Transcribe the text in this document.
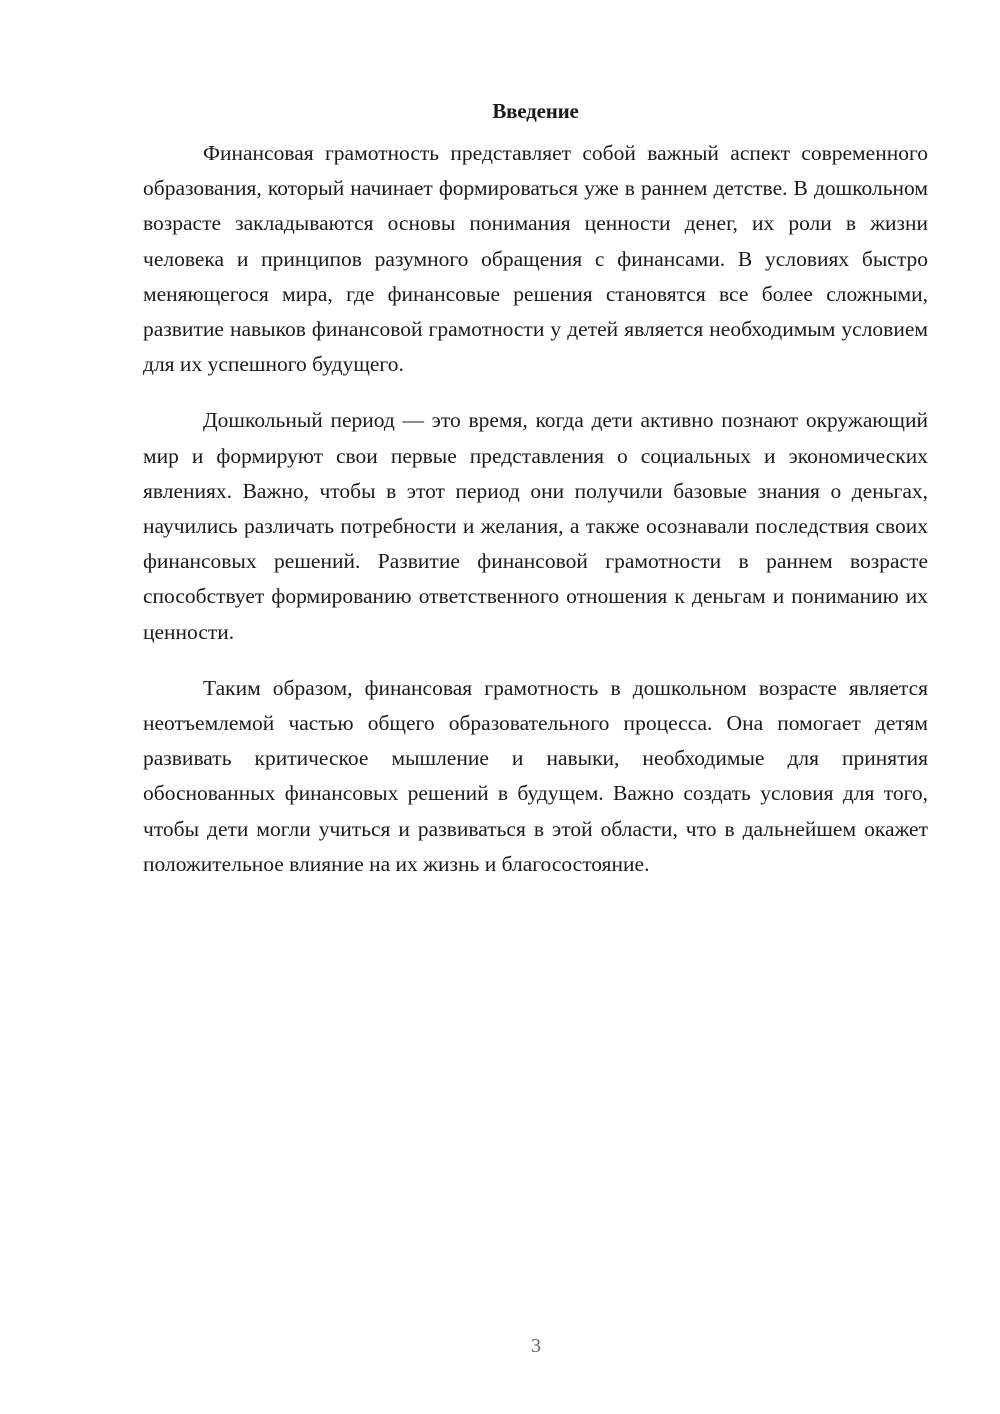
Введение

Финансовая грамотность представляет собой важный аспект современного образования, который начинает формироваться уже в раннем детстве. В дошкольном возрасте закладываются основы понимания ценности денег, их роли в жизни человека и принципов разумного обращения с финансами. В условиях быстро меняющегося мира, где финансовые решения становятся все более сложными, развитие навыков финансовой грамотности у детей является необходимым условием для их успешного будущего.

Дошкольный период — это время, когда дети активно познают окружающий мир и формируют свои первые представления о социальных и экономических явлениях. Важно, чтобы в этот период они получили базовые знания о деньгах, научились различать потребности и желания, а также осознавали последствия своих финансовых решений. Развитие финансовой грамотности в раннем возрасте способствует формированию ответственного отношения к деньгам и пониманию их ценности.

Таким образом, финансовая грамотность в дошкольном возрасте является неотъемлемой частью общего образовательного процесса. Она помогает детям развивать критическое мышление и навыки, необходимые для принятия обоснованных финансовых решений в будущем. Важно создать условия для того, чтобы дети могли учиться и развиваться в этой области, что в дальнейшем окажет положительное влияние на их жизнь и благосостояние.

3
